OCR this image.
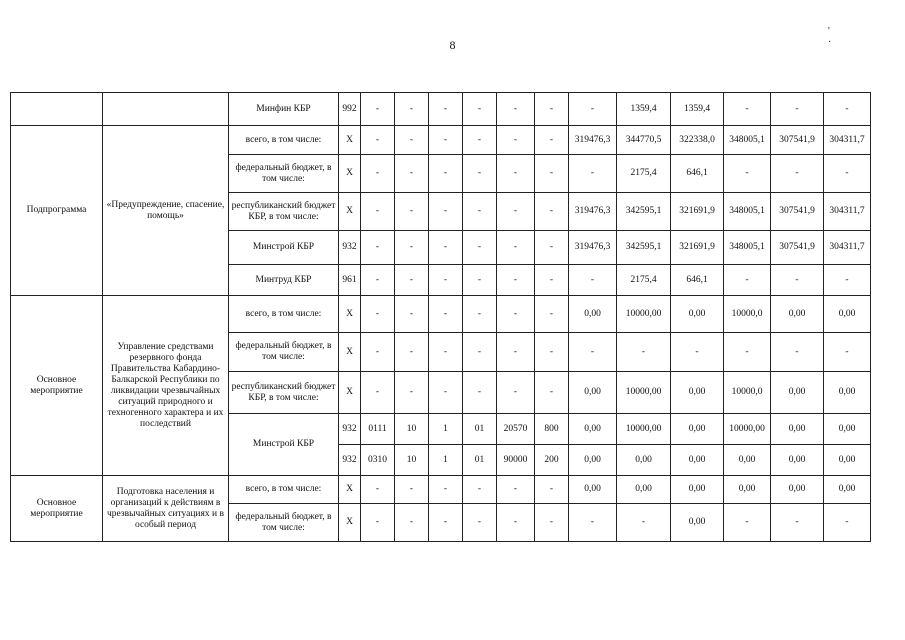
8
' ·
		Минфин КБР	992	-	-	-	-	-	-	-	1359,4	1359,4	-	-	-
Подпрограмма	«Предупреждение, спасение, помощь»	всего, в том числе:	X	-	-	-	-	-	-	319476,3	344770,5	322338,0	348005,1	307541,9	304311,7
		федеральный бюджет, в том числе:	X	-	-	-	-	-	-	-	2175,4	646,1	-	-	-
		республиканский бюджет КБР, в том числе:	X	-	-	-	-	-	-	319476,3	342595,1	321691,9	348005,1	307541,9	304311,7
		Минстрой КБР	932	-	-	-	-	-	-	319476,3	342595,1	321691,9	348005,1	307541,9	304311,7
		Минтруд КБР	961	-	-	-	-	-	-	-	2175,4	646,1	-	-	-
Основное мероприятие	Управление средствами резервного фонда Правительства Кабардино-Балкарской Республики по ликвидации чрезвычайных ситуаций природного и техногенного характера и их последствий	всего, в том числе:	X	-	-	-	-	-	-	0,00	10000,00	0,00	10000,0	0,00	0,00
		федеральный бюджет, в том числе:	X	-	-	-	-	-	-	-	-	-	-	-	-
		республиканский бюджет КБР, в том числе:	X	-	-	-	-	-	-	0,00	10000,00	0,00	10000,0	0,00	0,00
		Минстрой КБР	932	0111	10	1	01	20570	800	0,00	10000,00	0,00	10000,00	0,00	0,00
			932	0310	10	1	01	90000	200	0,00	0,00	0,00	0,00	0,00	0,00
Основное мероприятие	Подготовка населения и организаций к действиям в чрезвычайных ситуациях и в особый период	всего, в том числе:	X	-	-	-	-	-	-	0,00	0,00	0,00	0,00	0,00	0,00
		федеральный бюджет, в том числе:	X	-	-	-	-	-	-	-	-	0,00	-	-	-
